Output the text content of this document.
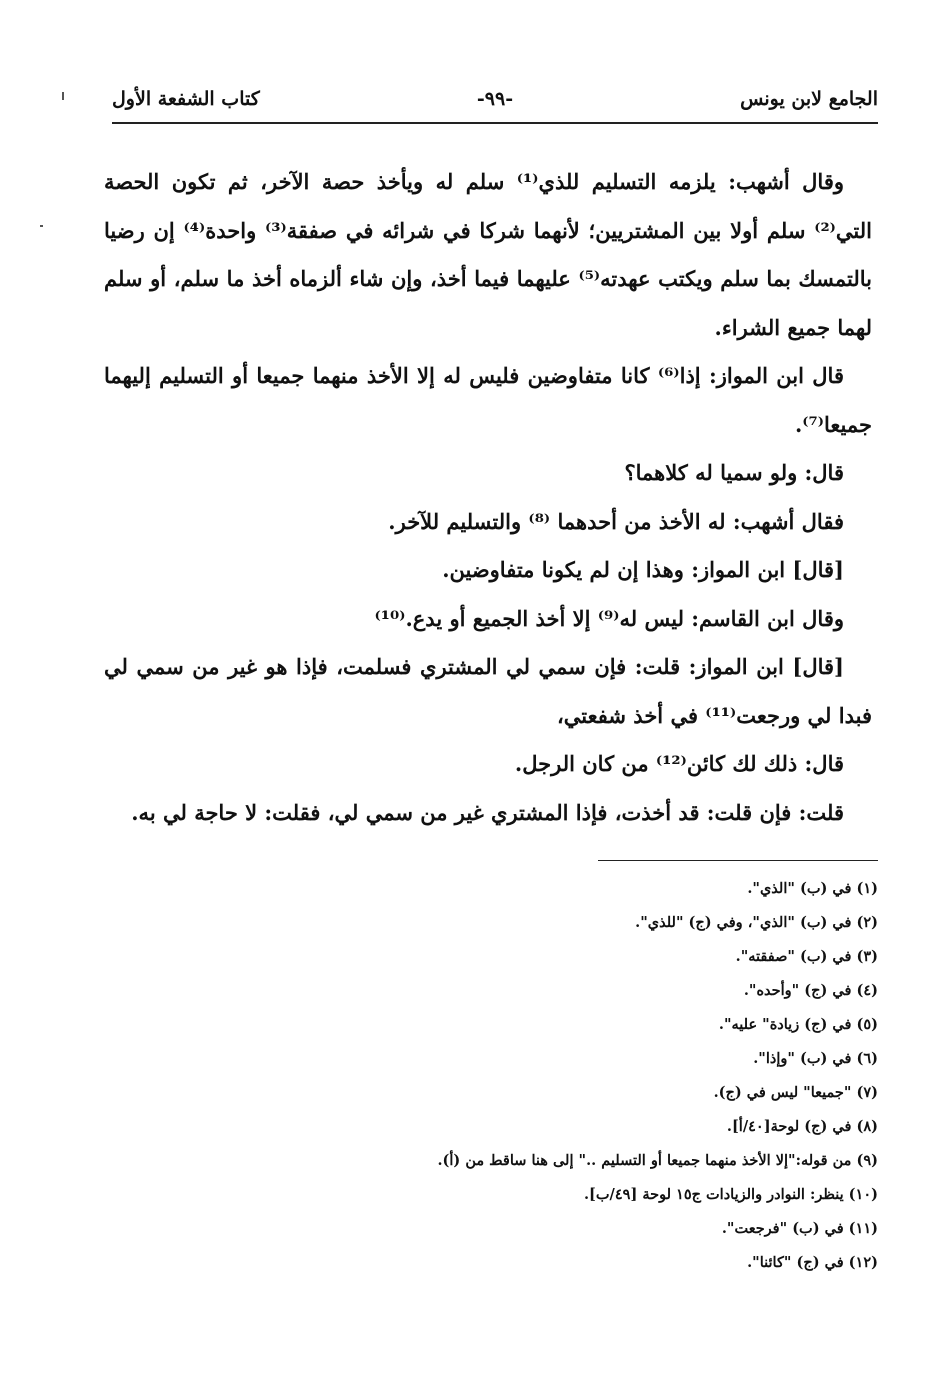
الجامع لابن يونس
-٩٩-
كتاب الشفعة الأول

وقال أشهب: يلزمه التسليم للذي⁽¹⁾ سلم له ويأخذ حصة الآخر، ثم تكون الحصة التي⁽²⁾ سلم أولا بين المشتريين؛ لأنهما شركا في شرائه في صفقة⁽³⁾ واحدة⁽⁴⁾ إن رضيا بالتمسك بما سلم ويكتب عهدته⁽⁵⁾ عليهما فيما أخذ، وإن شاء ألزماه أخذ ما سلم، أو سلم لهما جميع الشراء.

قال ابن المواز: إذا⁽⁶⁾ كانا متفاوضين فليس له إلا الأخذ منهما جميعا أو التسليم إليهما جميعا⁽⁷⁾.

قال: ولو سميا له كلاهما؟

فقال أشهب: له الأخذ من أحدهما ⁽⁸⁾ والتسليم للآخر.

[قال] ابن المواز: وهذا إن لم يكونا متفاوضين.

وقال ابن القاسم: ليس له⁽⁹⁾ إلا أخذ الجميع أو يدع.⁽¹⁰⁾

[قال] ابن المواز: قلت: فإن سمي لي المشتري فسلمت، فإذا هو غير من سمي لي فبدا لي ورجعت⁽¹¹⁾ في أخذ شفعتي،

قال: ذلك لك كائن⁽¹²⁾ من كان الرجل.

قلت: فإن قلت: قد أخذت، فإذا المشتري غير من سمي لي، فقلت: لا حاجة لي به.

(١) في (ب) "الذي".
(٢) في (ب) "الذي"، وفي (ج) "للذي".
(٣) في (ب) "صفقته".
(٤) في (ج) "وأحده".
(٥) في (ج) زيادة" عليه".
(٦) في (ب) "وإذا".
(٧) "جميعا" ليس في (ج).
(٨) في (ج) لوحة[٤٠/أ].
(٩) من قوله:"إلا الأخذ منهما جميعا أو التسليم .." إلى هنا ساقط من (أ).
(١٠) ينظر: النوادر والزيادات ج١٥ لوحة [٤٩/ب].
(١١) في (ب) "فرجعت".
(١٢) في (ج) "كائنا".
